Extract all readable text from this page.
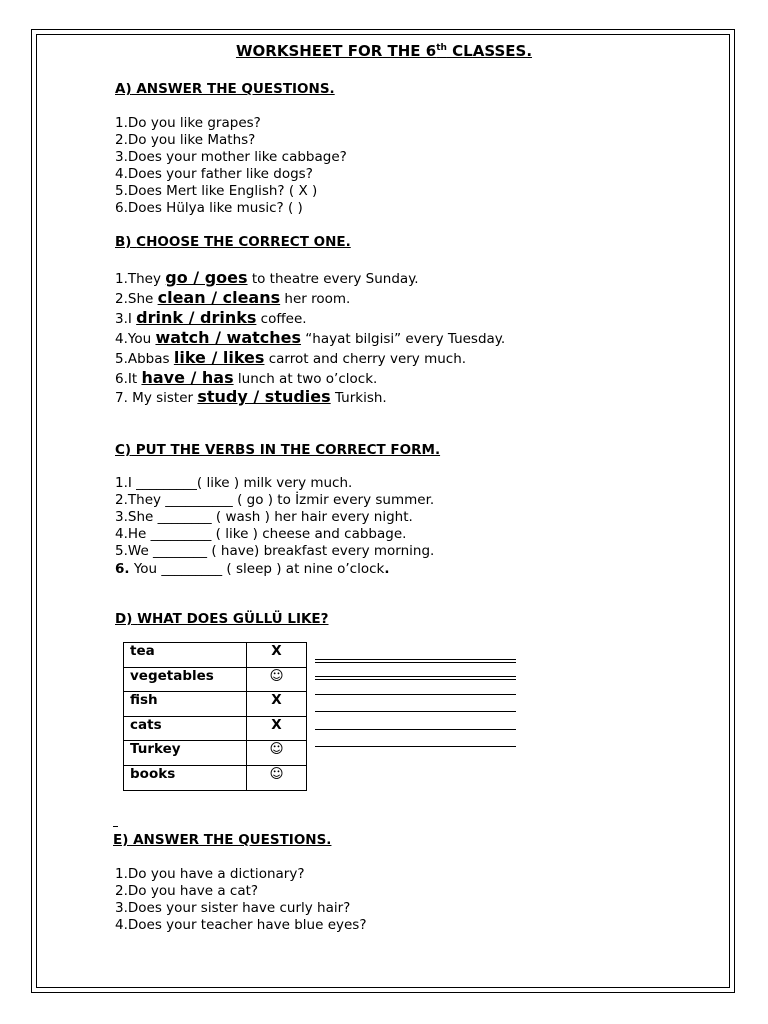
WORKSHEET FOR THE 6th CLASSES.
A) ANSWER THE QUESTIONS.
1.Do you like grapes?
2.Do you like Maths?
3.Does your mother like cabbage?
4.Does your father like dogs?
5.Does Mert like English? ( X )
6.Does Hülya like music? ( )
B) CHOOSE THE CORRECT ONE.
1.They go / goes to theatre every Sunday.
2.She clean / cleans her room.
3.I drink / drinks coffee.
4.You watch / watches “hayat bilgisi” every Tuesday.
5.Abbas like / likes carrot and cherry very much.
6.It have / has lunch at two o’clock.
7. My sister study / studies Turkish.
C) PUT THE VERBS IN THE CORRECT FORM.
1.I _________( like ) milk very much.
2.They __________ ( go ) to İzmir every summer.
3.She ________ ( wash ) her hair every night.
4.He _________ ( like ) cheese and cabbage.
5.We ________ ( have) breakfast every morning.
6. You _________ ( sleep ) at nine o’clock.
D) WHAT DOES GÜLLÜ LIKE?
tea	X
vegetables	☺
fish	X
cats	X
Turkey	☺
books	☺
E) ANSWER THE QUESTIONS.
1.Do you have a dictionary?
2.Do you have a cat?
3.Does your sister have curly hair?
4.Does your teacher have blue eyes?
